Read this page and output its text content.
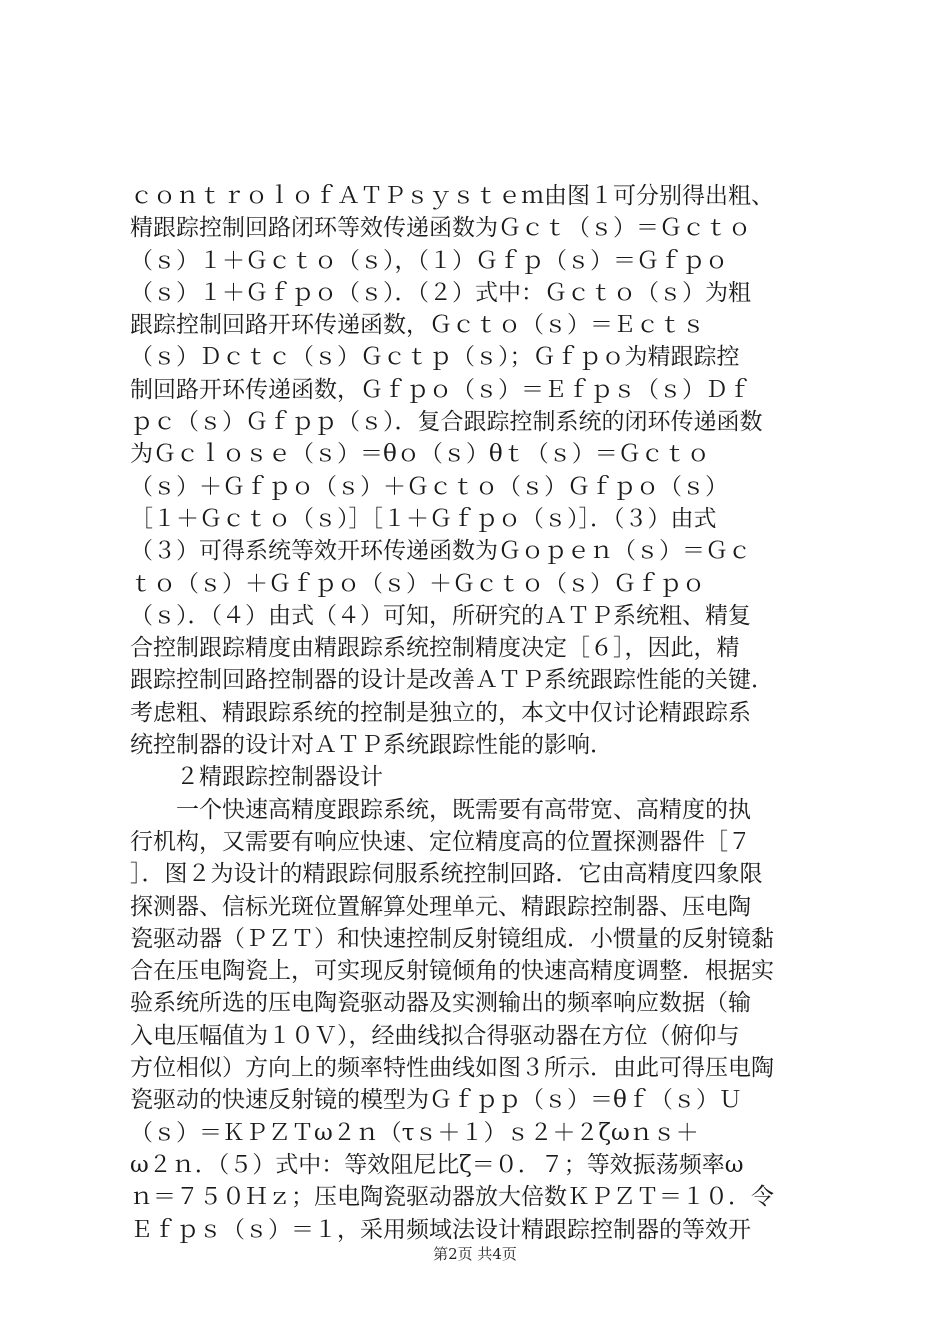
ｃｏｎｔｒｏｌｏｆＡＴＰｓｙｓｔｅｍ由图１可分别得出粗、
精跟踪控制回路闭环等效传递函数为Ｇｃｔ（ｓ）＝Ｇｃｔｏ
（ｓ）１＋Ｇｃｔｏ（ｓ），（１）Ｇｆｐ（ｓ）＝Ｇｆｐｏ
（ｓ）１＋Ｇｆｐｏ（ｓ）．（２）式中：Ｇｃｔｏ（ｓ）为粗
跟踪控制回路开环传递函数，Ｇｃｔｏ（ｓ）＝Ｅｃｔｓ
（ｓ）Ｄｃｔｃ（ｓ）Ｇｃｔｐ（ｓ）；Ｇｆｐｏ为精跟踪控
制回路开环传递函数，Ｇｆｐｏ（ｓ）＝Ｅｆｐｓ（ｓ）Ｄｆ
ｐｃ（ｓ）Ｇｆｐｐ（ｓ）．复合跟踪控制系统的闭环传递函数
为Ｇｃｌｏｓｅ（ｓ）＝θｏ（ｓ）θｔ（ｓ）＝Ｇｃｔｏ
（ｓ）＋Ｇｆｐｏ（ｓ）＋Ｇｃｔｏ（ｓ）Ｇｆｐｏ（ｓ）
［１＋Ｇｃｔｏ（ｓ）］［１＋Ｇｆｐｏ（ｓ）］．（３）由式
（３）可得系统等效开环传递函数为Ｇｏｐｅｎ（ｓ）＝Ｇｃ
ｔｏ（ｓ）＋Ｇｆｐｏ（ｓ）＋Ｇｃｔｏ（ｓ）Ｇｆｐｏ
（ｓ）．（４）由式（４）可知，所研究的ＡＴＰ系统粗、精复
合控制跟踪精度由精跟踪系统控制精度决定［６］，因此，精
跟踪控制回路控制器的设计是改善ＡＴＰ系统跟踪性能的关键．
考虑粗、精跟踪系统的控制是独立的，本文中仅讨论精跟踪系
统控制器的设计对ＡＴＰ系统跟踪性能的影响．
　　２精跟踪控制器设计
　　一个快速高精度跟踪系统，既需要有高带宽、高精度的执
行机构，又需要有响应快速、定位精度高的位置探测器件［７
］．图２为设计的精跟踪伺服系统控制回路．它由高精度四象限
探测器、信标光斑位置解算处理单元、精跟踪控制器、压电陶
瓷驱动器（ＰＺＴ）和快速控制反射镜组成．小惯量的反射镜黏
合在压电陶瓷上，可实现反射镜倾角的快速高精度调整．根据实
验系统所选的压电陶瓷驱动器及实测输出的频率响应数据（输
入电压幅值为１０Ｖ），经曲线拟合得驱动器在方位（俯仰与
方位相似）方向上的频率特性曲线如图３所示．由此可得压电陶
瓷驱动的快速反射镜的模型为Ｇｆｐｐ（ｓ）＝θｆ（ｓ）Ｕ
（ｓ）＝ＫＰＺＴω２ｎ（τｓ＋１）ｓ２＋２ζωｎｓ＋
ω２ｎ．（５）式中：等效阻尼比ζ＝０．７；等效振荡频率ω
ｎ＝７５０Ｈｚ；压电陶瓷驱动器放大倍数ＫＰＺＴ＝１０．令
Ｅｆｐｓ（ｓ）＝１，采用频域法设计精跟踪控制器的等效开
第2页 共4页
